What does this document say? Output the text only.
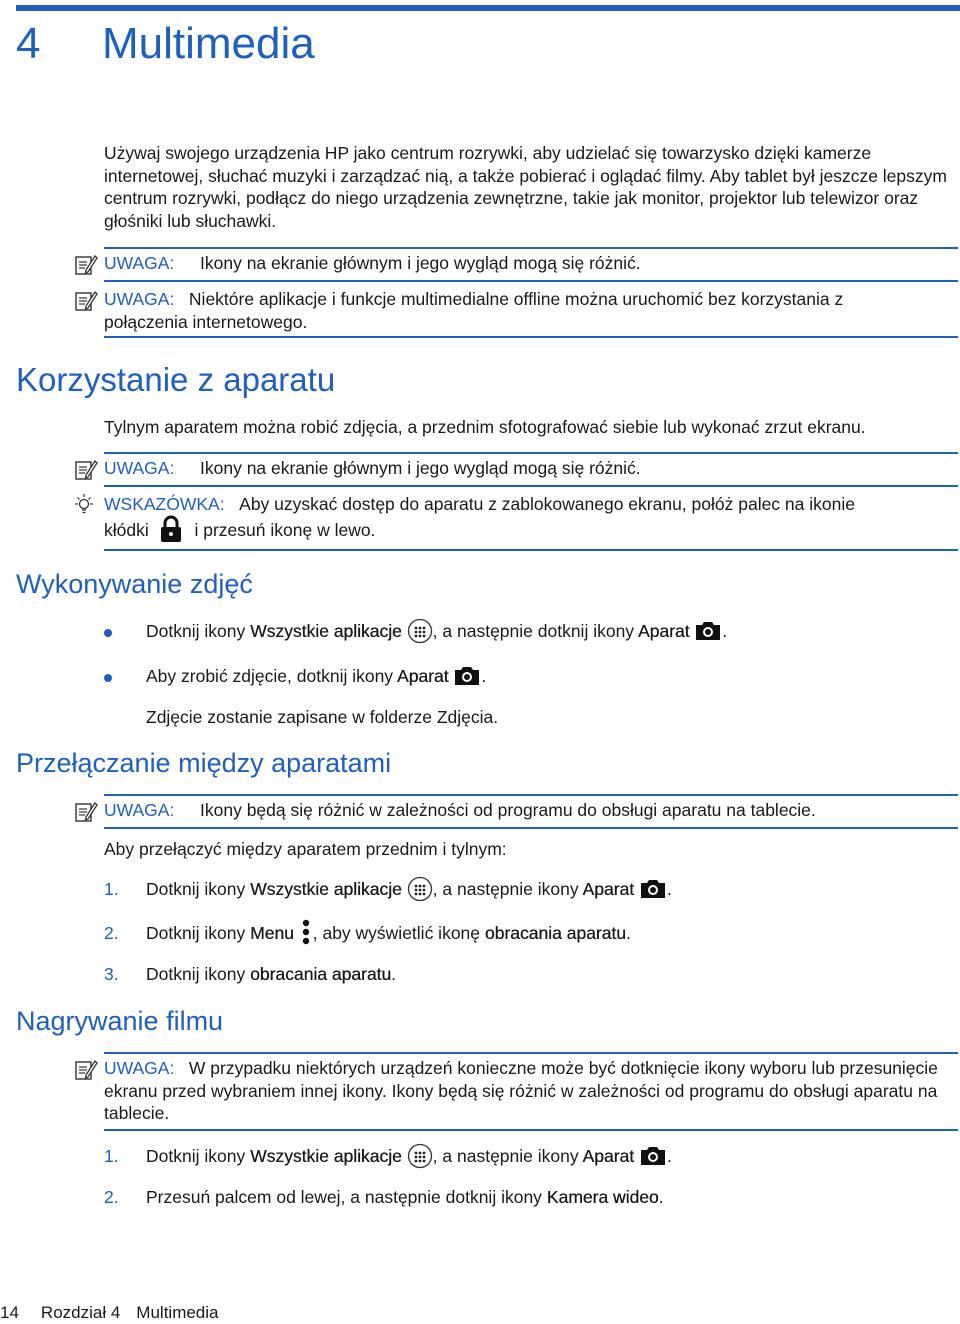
4 Multimedia

Używaj swojego urządzenia HP jako centrum rozrywki, aby udzielać się towarzysko dzięki kamerze internetowej, słuchać muzyki i zarządzać nią, a także pobierać i oglądać filmy. Aby tablet był jeszcze lepszym centrum rozrywki, podłącz do niego urządzenia zewnętrzne, takie jak monitor, projektor lub telewizor oraz głośniki lub słuchawki.

UWAGA: Ikony na ekranie głównym i jego wygląd mogą się różnić.
UWAGA: Niektóre aplikacje i funkcje multimedialne offline można uruchomić bez korzystania z połączenia internetowego.
Korzystanie z aparatu

Tylnym aparatem można robić zdjęcia, a przednim sfotografować siebie lub wykonać zrzut ekranu.

UWAGA: Ikony na ekranie głównym i jego wygląd mogą się różnić.
WSKAZÓWKA: Aby uzyskać dostęp do aparatu z zablokowanego ekranu, połóż palec na ikonie
kłódki	i przesuń ikonę w lewo.
Wykonywanie zdjęć
Dotknij ikony Wszystkie aplikacje , a następnie dotknij ikony Aparat .
Aby zrobić zdjęcie, dotknij ikony Aparat .
Zdjęcie zostanie zapisane w folderze Zdjęcia.
Przełączanie między aparatami
UWAGA: Ikony będą się różnić w zależności od programu do obsługi aparatu na tablecie.

Aby przełączyć między aparatem przednim i tylnym:

1.	Dotknij ikony Wszystkie aplikacje , a następnie ikony Aparat .
2.	Dotknij ikony Menu , aby wyświetlić ikonę obracania aparatu.
3.	Dotknij ikony obracania aparatu.
Nagrywanie filmu
UWAGA: W przypadku niektórych urządzeń konieczne może być dotknięcie ikony wyboru lub przesunięcie ekranu przed wybraniem innej ikony. Ikony będą się różnić w zależności od programu do obsługi aparatu na tablecie.
1.	Dotknij ikony Wszystkie aplikacje , a następnie ikony Aparat .
2.	Przesuń palcem od lewej, a następnie dotknij ikony Kamera wideo.
14 Rozdział 4 Multimedia
